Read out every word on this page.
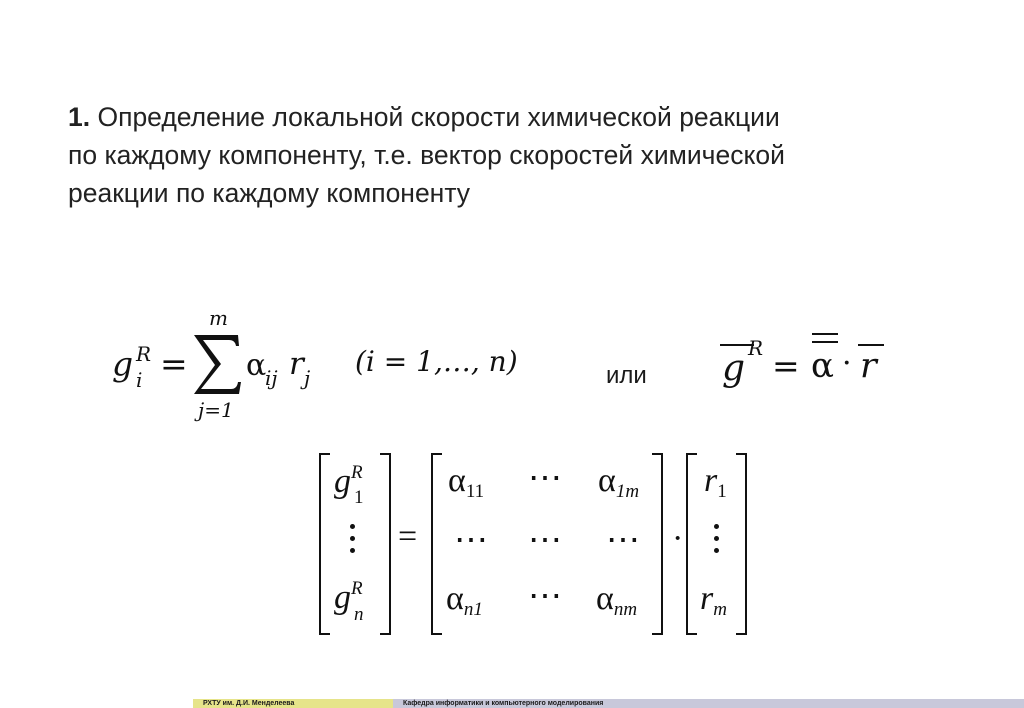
1. Определение локальной скорости химической реакции
по каждому компоненту, т.е. вектор скоростей химической
реакции по каждому компоненту
g R
i =
m
j=1
α
ij r j (i = 1,…, n)	или g R = α · r
$g^R$
1
$g^R$
n
=
$\alpha_{11}$ ⋯ $\alpha_{1m}$
⋯ ⋯ ⋯
$\alpha_{n1}$ ⋯ $\alpha_{nm}$
·
$r_1$
$r_m$
РХТУ им. Д.И. Менделеева	Кафедра информатики и компьютерного моделирования
